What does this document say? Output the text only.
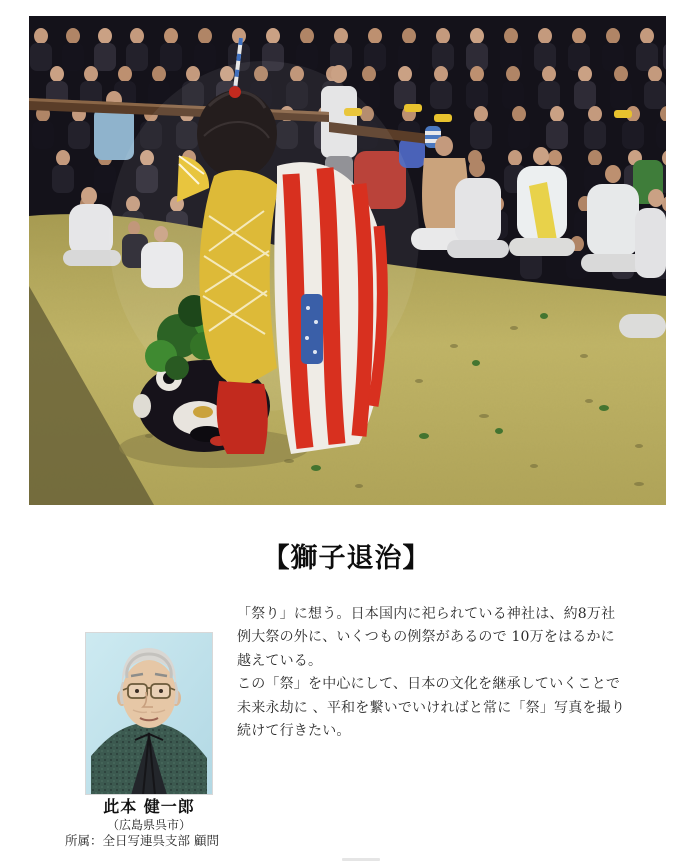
【獅子退治】
「祭り」に想う。日本国内に祀られている神社は、約8万社
例大祭の外に、いくつもの例祭があるので 10万をはるかに
越えている。
この「祭」を中心にして、日本の文化を継承していくことで
未来永劫に 、平和を繋いでいければと常に「祭」写真を撮り
続けて行きたい。
此本 健一郎
（広島県呉市）
所属：全日写連呉支部 顧問
